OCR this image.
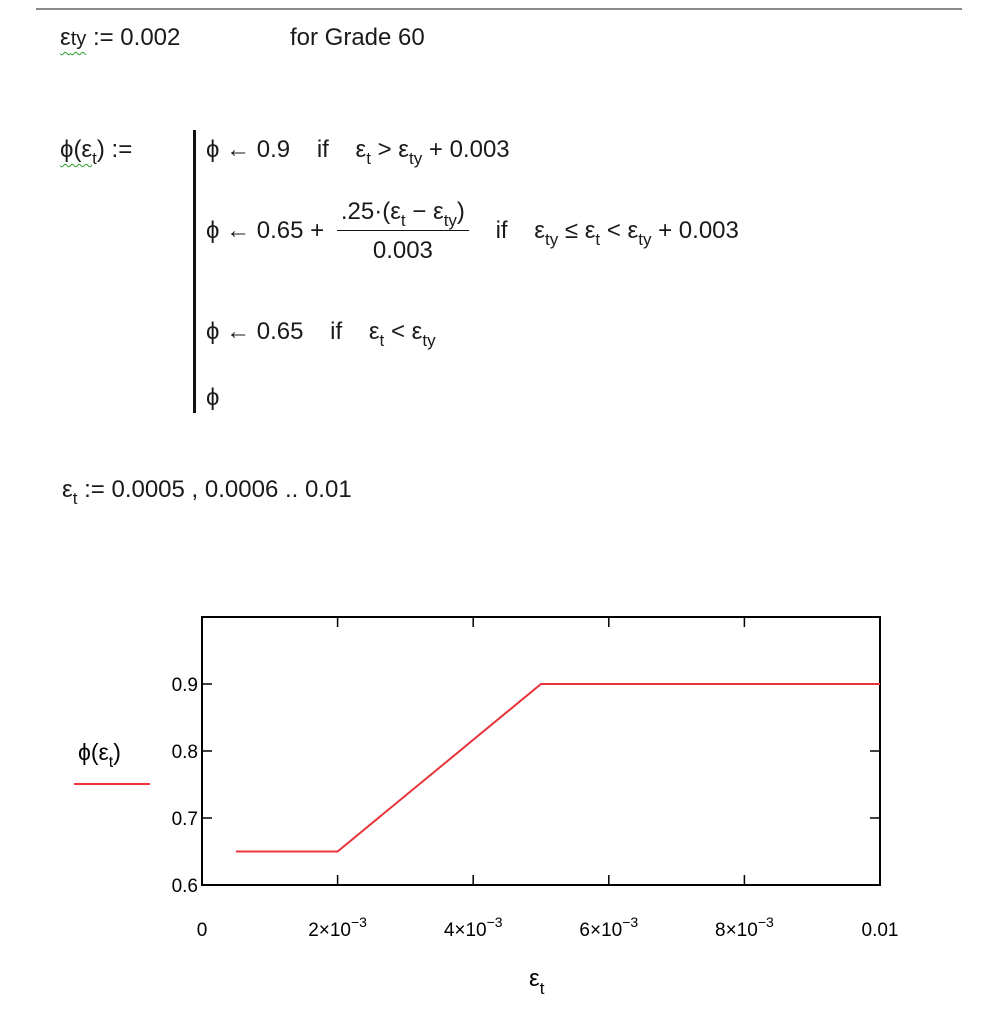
εty := 0.002	for Grade 60
$\phi(\varepsilon_t)$ :=	ϕ ← 0.9 if $\varepsilon_t > \varepsilon_{ty} + 0.003$
ϕ ← $0.65 + \frac{.25\cdot(\varepsilon_t - \varepsilon_{ty})}{0.003}$ if $\varepsilon_{ty} \le \varepsilon_t < \varepsilon_{ty} + 0.003$
ϕ ← 0.65 if $\varepsilon_t < \varepsilon_{ty}$
ϕ
$\varepsilon_t$ := 0.0005 , 0.0006 .. 0.01
0	$2\times 10^{-3}$	$4\times 10^{-3}$	$6\times 10^{-3}$	$8\times 10^{-3}$	0.01
0.6
0.7
0.8
0.9
$\phi(\varepsilon_t)$
$\varepsilon_t$
